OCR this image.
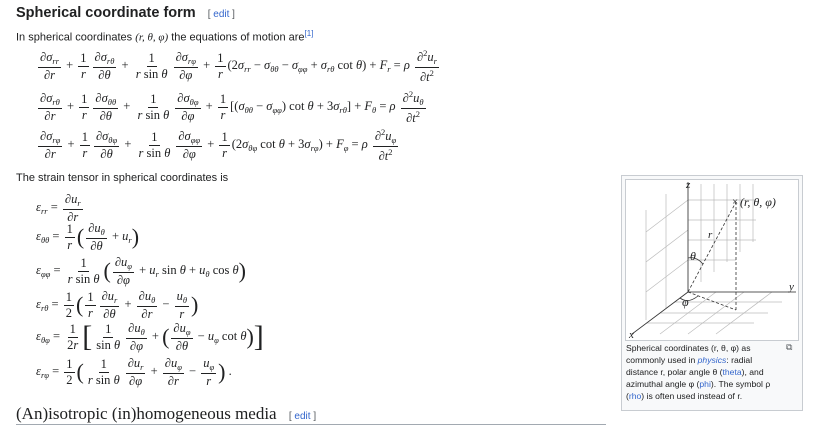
Spherical coordinate form [ edit ]
In spherical coordinates (r, θ, φ) the equations of motion are[1]
$\frac{\partial\sigma_{rr}}{\partial r} + \frac{1}{r} \frac{\partial\sigma_{r\theta}}{\partial\theta} + \frac{1}{\text{r sin θ}} \frac{\partial\sigma_{r\varphi}}{\partial\varphi} + \frac{1}{r} (2\sigma_{rr} - \sigma_{\theta\theta} - \sigma_{\varphi\varphi} + \sigma_{r\theta}$ $\cot \theta) + F_r = \rho \frac{\partial^2u_r}{\partial t^2}$
$\frac{\partial\sigma_{r\theta}}{\partial r} + \frac{1}{r} \frac{\partial\sigma_{\theta\theta}}{\partial\theta} + \frac{1}{\text{r sin θ}} \frac{\partial\sigma_{\theta\varphi}}{\partial\varphi} + \frac{1}{r} [(\sigma_{\theta\theta} - \sigma_{\varphi\varphi})$ $\cot \theta + 3\sigma_{r\theta}] + F_\theta = \rho \frac{\partial^2u_\theta}{\partial t^2}$
$\frac{\partial\sigma_{r\varphi}}{\partial r} + \frac{1}{r} \frac{\partial\sigma_{\theta\varphi}}{\partial\theta} + \frac{1}{\text{r sin θ}} \frac{\partial\sigma_{\varphi\varphi}}{\partial\varphi} + \frac{1}{r} (2\sigma_{\theta\varphi}$ $\cot \theta + 3\sigma_{r\varphi}) + F_\varphi = \rho \frac{\partial^2u_\varphi}{\partial t^2}$
The strain tensor in spherical coordinates is
$\varepsilon_{rr} = \frac{\partial u_r}{\partial r}$
$\varepsilon_{\theta\theta} = \frac{1}{r}$ ( $\frac{\partial u_\theta}{\partial\theta} + u_r$)
$\varepsilon_{\varphi\varphi} = \frac{1}{\text{r sin θ}}$ ( $\frac{\partial u_\varphi}{\partial\varphi} + u_r$ $\sin \theta + u_\theta$ cos θ)
$\varepsilon_{r\theta} = \frac{1}{2}$ ( $\frac{1}{r} \frac{\partial u_r}{\partial\theta} + \frac{\partial u_\theta}{\partial r} - \frac{u_\theta}{r}$ )
$\varepsilon_{\theta\varphi} = \frac{1}{2r}$ [ $\frac{1}{\text{sin θ}} \frac{\partial u_\theta}{\partial\varphi}$ + ( $\frac{\partial u_\varphi}{\partial\theta} - u_\varphi$ cot θ)]
$\varepsilon_{r\varphi} = \frac{1}{2}$ ( $\frac{1}{\text{r sin θ}} \frac{\partial u_r}{\partial\varphi} + \frac{\partial u_\varphi}{\partial r} - \frac{u_\varphi}{r}$ ) .
(An)isotropic (in)homogeneous media [ edit ]
z
x
y
× (r, θ, φ)
r
θ
φ
⧉
Spherical coordinates (r, θ, φ) as commonly used in physics: radial distance r, polar angle θ (theta), and azimuthal angle φ (phi). The symbol ρ (rho) is often used instead of r.
